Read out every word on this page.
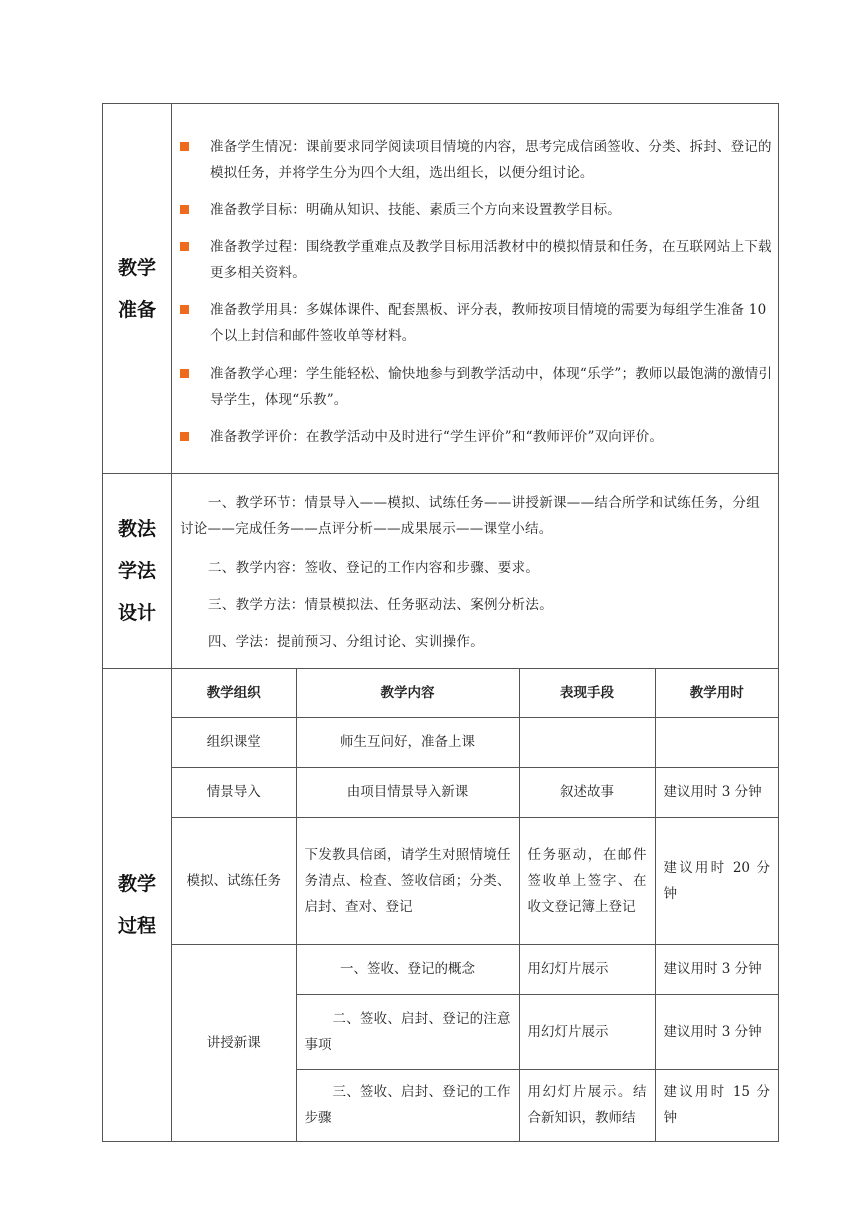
教学
准备
准备学生情况：课前要求同学阅读项目情境的内容，思考完成信函签收、分类、拆封、登记的模拟任务，并将学生分为四个大组，选出组长，以便分组讨论。
准备教学目标：明确从知识、技能、素质三个方向来设置教学目标。
准备教学过程：围绕教学重难点及教学目标用活教材中的模拟情景和任务，在互联网站上下载更多相关资料。
准备教学用具：多媒体课件、配套黑板、评分表，教师按项目情境的需要为每组学生准备 10 个以上封信和邮件签收单等材料。
准备教学心理：学生能轻松、愉快地参与到教学活动中，体现“乐学”；教师以最饱满的激情引导学生，体现“乐教”。
准备教学评价：在教学活动中及时进行“学生评价”和“教师评价”双向评价。
教法
学法
设计
一、教学环节：情景导入——模拟、试练任务——讲授新课——结合所学和试练任务，分组讨论——完成任务——点评分析——成果展示——课堂小结。
二、教学内容：签收、登记的工作内容和步骤、要求。
三、教学方法：情景模拟法、任务驱动法、案例分析法。
四、学法：提前预习、分组讨论、实训操作。
教学
过程
教学组织	教学内容	表现手段	教学用时
组织课堂	师生互问好，准备上课		
情景导入	由项目情景导入新课	叙述故事	建议用时 3 分钟
模拟、试练任务	下发教具信函，请学生对照情境任务清点、检查、签收信函；分类、启封、查对、登记	任务驱动，在邮件签收单上签字、在收文登记簿上登记	建议用时 20 分钟
讲授新课	一、签收、登记的概念	用幻灯片展示	建议用时 3 分钟
	二、签收、启封、登记的注意事项	用幻灯片展示	建议用时 3 分钟
	三、签收、启封、登记的工作步骤	用幻灯片展示。结合新知识，教师结	建议用时 15 分钟
